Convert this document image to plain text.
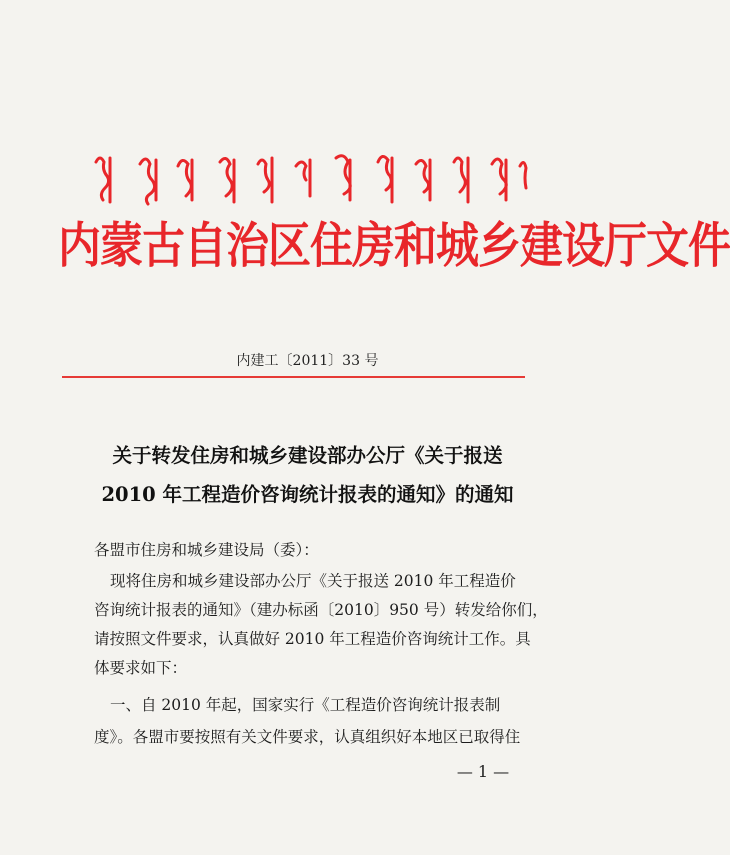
内蒙古自治区住房和城乡建设厅文件
内建工〔2011〕33 号
关于转发住房和城乡建设部办公厅《关于报送
2010 年工程造价咨询统计报表的通知》的通知
各盟市住房和城乡建设局（委）：
现将住房和城乡建设部办公厅《关于报送 2010 年工程造价
咨询统计报表的通知》（建办标函〔2010〕950 号）转发给你们，
请按照文件要求，认真做好 2010 年工程造价咨询统计工作。具
体要求如下：
一、自 2010 年起，国家实行《工程造价咨询统计报表制
度》。各盟市要按照有关文件要求，认真组织好本地区已取得住
— 1 —
